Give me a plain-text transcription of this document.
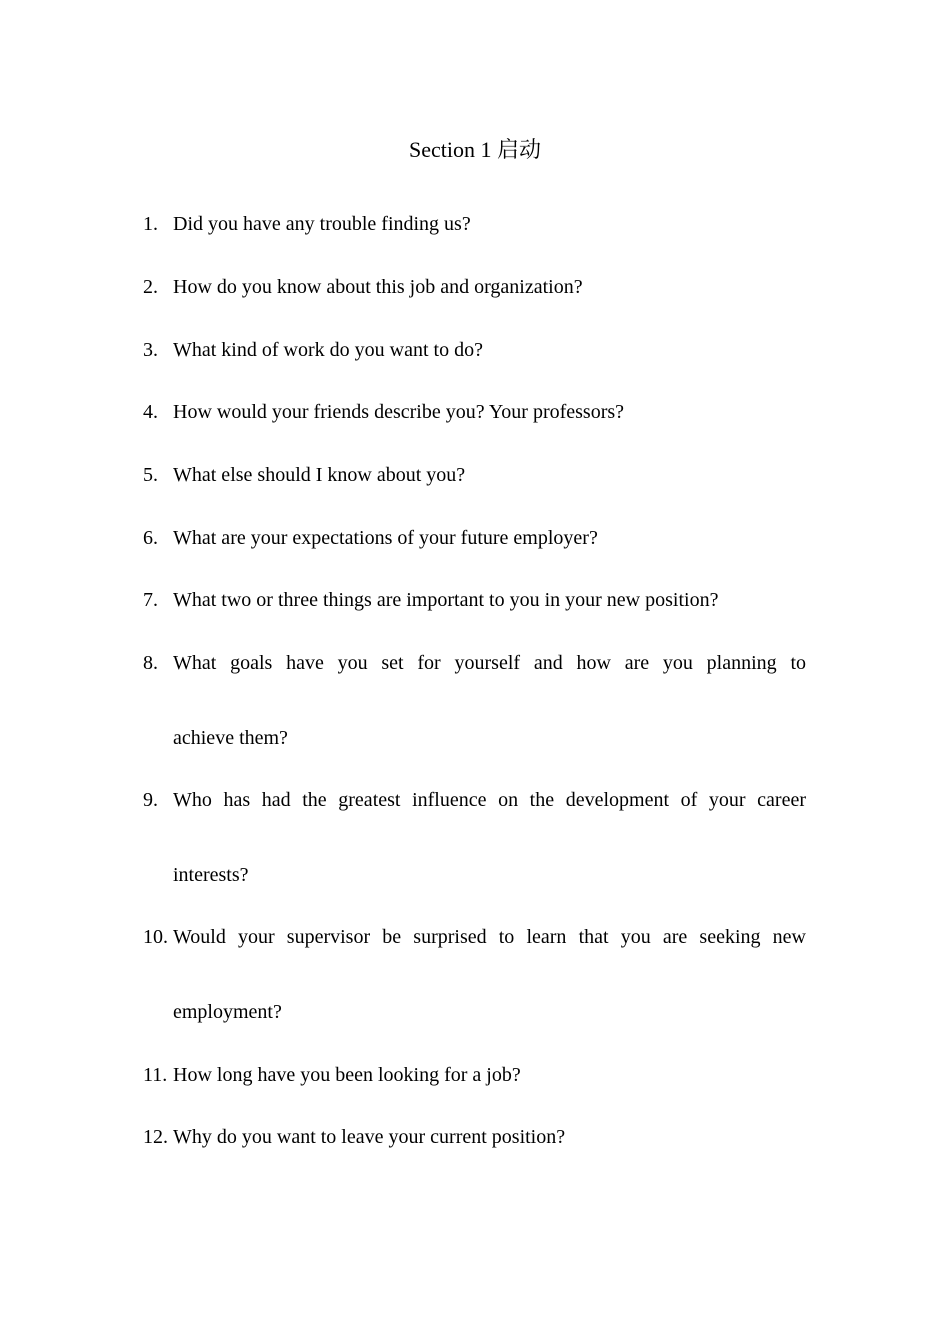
Section 1 启动
1. Did you have any trouble finding us?
2. How do you know about this job and organization?
3. What kind of work do you want to do?
4. How would your friends describe you? Your professors?
5. What else should I know about you?
6. What are your expectations of your future employer?
7. What two or three things are important to you in your new position?
8. What goals have you set for yourself and how are you planning to
achieve them?
9. Who has had the greatest influence on the development of your career
interests?
10. Would your supervisor be surprised to learn that you are seeking new
employment?
11. How long have you been looking for a job?
12. Why do you want to leave your current position?
